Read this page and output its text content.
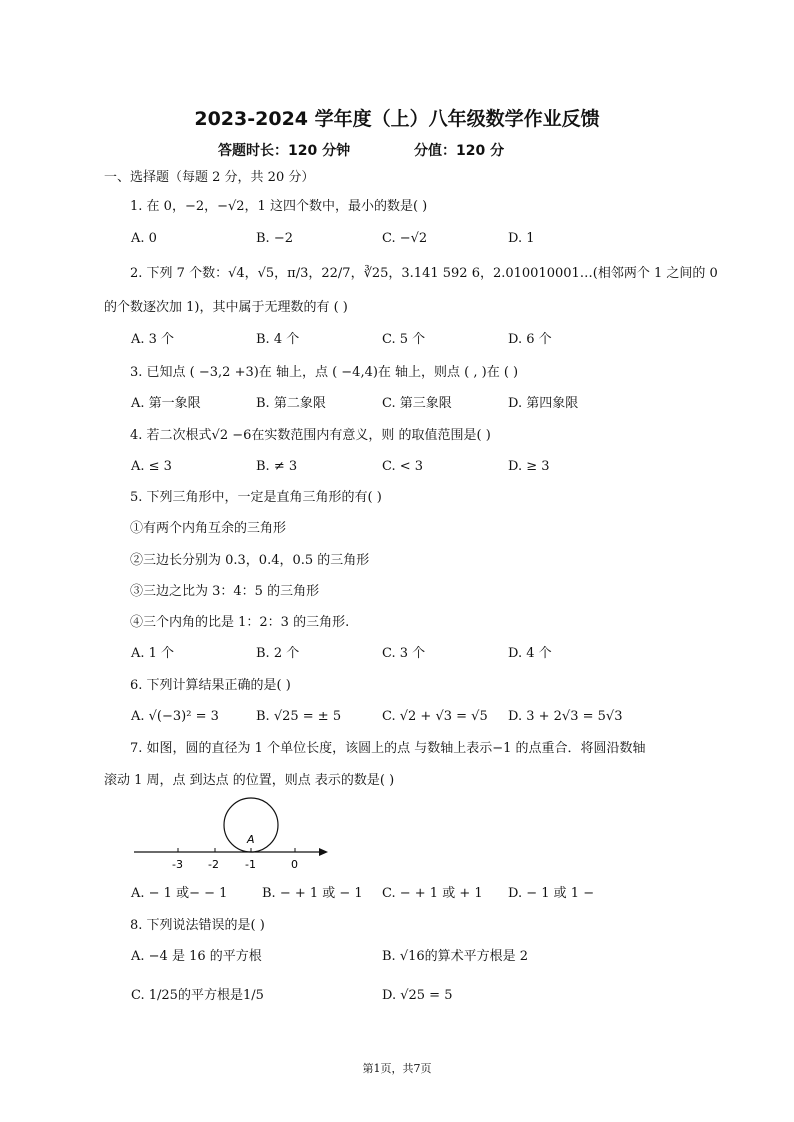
2023-2024 学年度（上）八年级数学作业反馈
答题时长：120 分钟	分值：120 分
一、选择题（每题 2 分，共 20 分）
1. 在 0，−2，−√2，1 这四个数中，最小的数是( )
A. 0	B. −2	C. −√2	D. 1
2. 下列 7 个数：√4，√5，π/3，22/7，∛25，3.141 592 6，2.010010001…(相邻两个 1 之间的 0
的个数逐次加 1)，其中属于无理数的有 ( )
A. 3 个	B. 4 个	C. 5 个	D. 6 个
3. 已知点 ( −3,2 +3)在 轴上，点 ( −4,4)在 轴上，则点 ( , )在 ( )
A. 第一象限	B. 第二象限	C. 第三象限	D. 第四象限
4. 若二次根式√2 −6在实数范围内有意义，则 的取值范围是( )
A. ≤ 3	B. ≠ 3	C. < 3	D. ≥ 3
5. 下列三角形中，一定是直角三角形的有( )
①有两个内角互余的三角形
②三边长分别为 0.3，0.4，0.5 的三角形
③三边之比为 3：4：5 的三角形
④三个内角的比是 1：2：3 的三角形.
A. 1 个	B. 2 个	C. 3 个	D. 4 个
6. 下列计算结果正确的是( )
A. √(−3)² = 3	B. √25 = ± 5	C. √2 + √3 = √5 D. 3 + 2√3 = 5√3
7. 如图，圆的直径为 1 个单位长度，该圆上的点 与数轴上表示−1 的点重合．将圆沿数轴
滚动 1 周，点 到达点 的位置，则点 表示的数是( )
A
-3 -2 -1	0
A. − 1 或− − 1	B. − + 1 或 − 1 C. − + 1 或 + 1 D. − 1 或 1 −
8. 下列说法错误的是( )
A. −4 是 16 的平方根	B. √16的算术平方根是 2
C. 1/25的平方根是1/5	D. √25 = 5
第1页，共7页
